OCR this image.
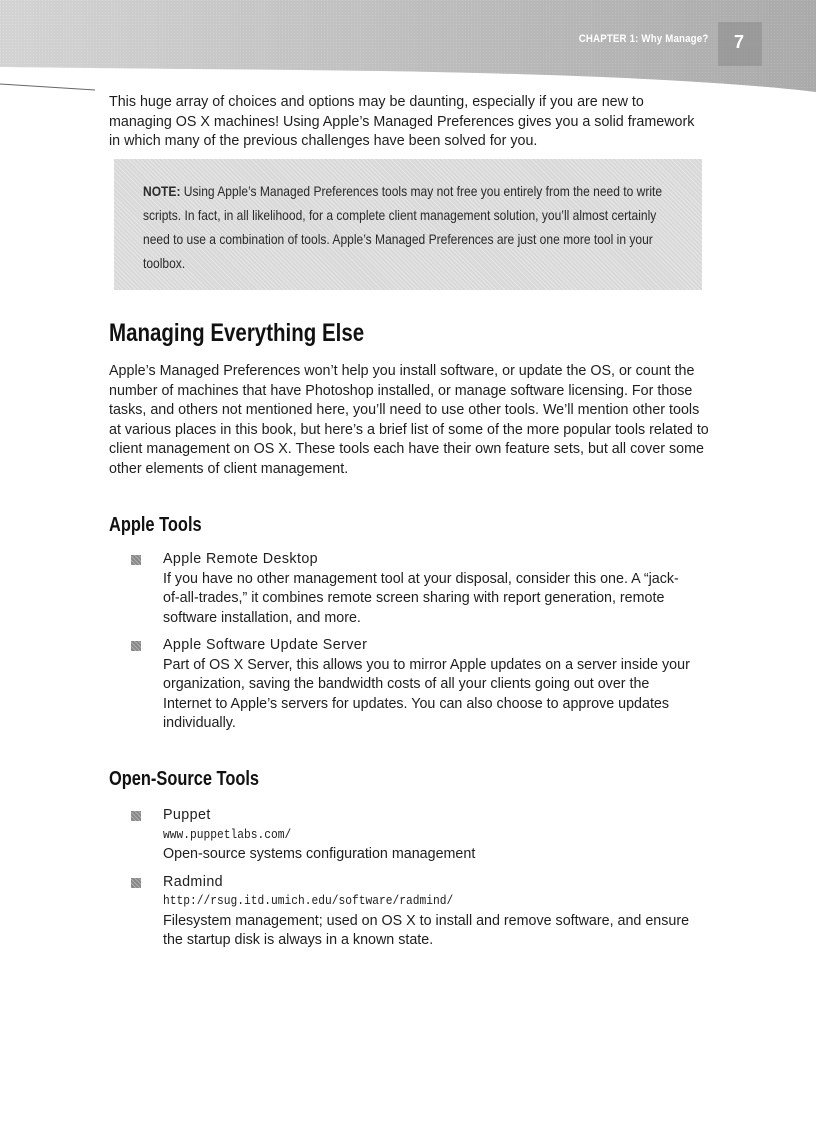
CHAPTER 1: Why Manage? 7

This huge array of choices and options may be daunting, especially if you are new to managing OS X machines! Using Apple’s Managed Preferences gives you a solid framework in which many of the previous challenges have been solved for you.

NOTE: Using Apple’s Managed Preferences tools may not free you entirely from the need to write scripts. In fact, in all likelihood, for a complete client management solution, you’ll almost certainly need to use a combination of tools. Apple’s Managed Preferences are just one more tool in your toolbox.
Managing Everything Else

Apple’s Managed Preferences won’t help you install software, or update the OS, or count the number of machines that have Photoshop installed, or manage software licensing. For those tasks, and others not mentioned here, you’ll need to use other tools. We’ll mention other tools at various places in this book, but here’s a brief list of some of the more popular tools related to client management on OS X. These tools each have their own feature sets, but all cover some other elements of client management.

Apple Tools
Apple Remote Desktop
If you have no other management tool at your disposal, consider this one. A “jack-of-all-trades,” it combines remote screen sharing with report generation, remote software installation, and more.
Apple Software Update Server
Part of OS X Server, this allows you to mirror Apple updates on a server inside your organization, saving the bandwidth costs of all your clients going out over the Internet to Apple’s servers for updates. You can also choose to approve updates individually.
Open-Source Tools
Puppet
www.puppetlabs.com/
Open-source systems configuration management
Radmind
http://rsug.itd.umich.edu/software/radmind/
Filesystem management; used on OS X to install and remove software, and ensure the startup disk is always in a known state.
